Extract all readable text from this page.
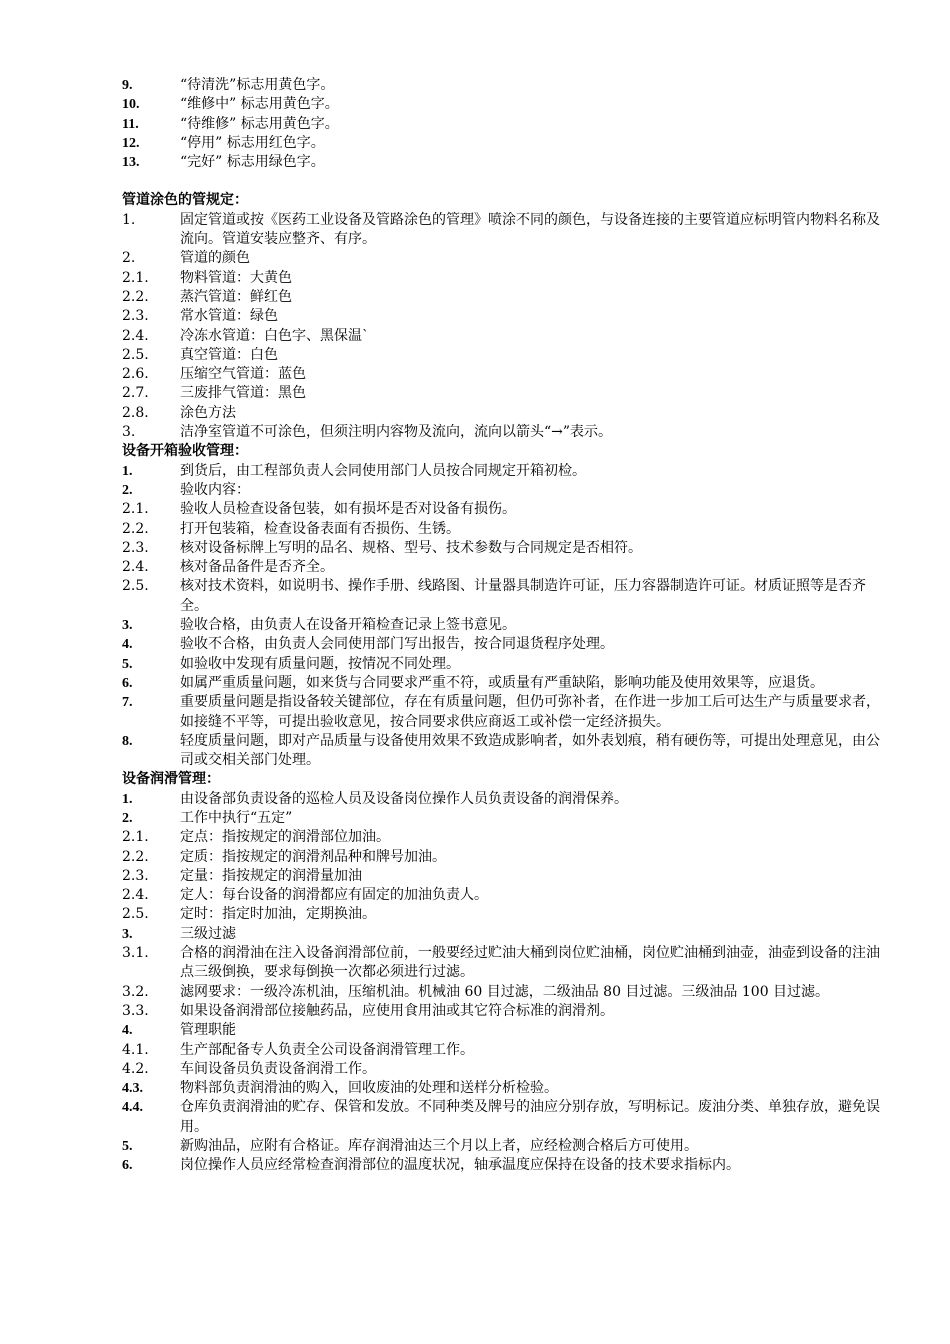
9.	“待清洗”标志用黄色字。
10.	“维修中” 标志用黄色字。
11.	“待维修” 标志用黄色字。
12.	“停用” 标志用红色字。
13.	“完好” 标志用绿色字。
管道涂色的管规定：
1.	固定管道或按《医药工业设备及管路涂色的管理》喷涂不同的颜色，与设备连接的主要管道应标明管内物料名称及流向。管道安装应整齐、有序。
2.	管道的颜色
2.1.	物料管道：大黄色
2.2.	蒸汽管道：鲜红色
2.3.	常水管道：绿色
2.4.	冷冻水管道：白色字、黑保温`
2.5.	真空管道：白色
2.6.	压缩空气管道：蓝色
2.7.	三废排气管道：黑色
2.8.	涂色方法
3.	洁净室管道不可涂色，但须注明内容物及流向，流向以箭头“→”表示。
设备开箱验收管理：
1.	到货后，由工程部负责人会同使用部门人员按合同规定开箱初检。
2.	验收内容：
2.1.	验收人员检查设备包装，如有损坏是否对设备有损伤。
2.2.	打开包装箱，检查设备表面有否损伤、生锈。
2.3.	核对设备标牌上写明的品名、规格、型号、技术参数与合同规定是否相符。
2.4.	核对备品备件是否齐全。
2.5.	核对技术资料，如说明书、操作手册、线路图、计量器具制造许可证，压力容器制造许可证。材质证照等是否齐全。
3.	验收合格，由负责人在设备开箱检查记录上签书意见。
4.	验收不合格，由负责人会同使用部门写出报告，按合同退货程序处理。
5.	如验收中发现有质量问题，按情况不同处理。
6.	如属严重质量问题，如来货与合同要求严重不符，或质量有严重缺陷，影响功能及使用效果等，应退货。
7.	重要质量问题是指设备较关键部位，存在有质量问题，但仍可弥补者，在作进一步加工后可达生产与质量要求者，如接缝不平等，可提出验收意见，按合同要求供应商返工或补偿一定经济损失。
8.	轻度质量问题，即对产品质量与设备使用效果不致造成影响者，如外表划痕，稍有硬伤等，可提出处理意见，由公司或交相关部门处理。
设备润滑管理：
1.	由设备部负责设备的巡检人员及设备岗位操作人员负责设备的润滑保养。
2.	工作中执行“五定”
2.1.	定点：指按规定的润滑部位加油。
2.2.	定质：指按规定的润滑剂品种和牌号加油。
2.3.	定量：指按规定的润滑量加油
2.4.	定人：每台设备的润滑都应有固定的加油负责人。
2.5.	定时：指定时加油，定期换油。
3.	三级过滤
3.1.	合格的润滑油在注入设备润滑部位前，一般要经过贮油大桶到岗位贮油桶，岗位贮油桶到油壶，油壶到设备的注油点三级倒换，要求每倒换一次都必须进行过滤。
3.2.	滤网要求：一级冷冻机油，压缩机油。机械油 60 目过滤，二级油品 80 目过滤。三级油品 100 目过滤。
3.3.	如果设备润滑部位接触药品，应使用食用油或其它符合标准的润滑剂。
4.	管理职能
4.1.	生产部配备专人负责全公司设备润滑管理工作。
4.2.	车间设备员负责设备润滑工作。
4.3.	物料部负责润滑油的购入，回收废油的处理和送样分析检验。
4.4.	仓库负责润滑油的贮存、保管和发放。不同种类及牌号的油应分别存放，写明标记。废油分类、单独存放，避免误用。
5.	新购油品，应附有合格证。库存润滑油达三个月以上者，应经检测合格后方可使用。
6.	岗位操作人员应经常检查润滑部位的温度状况，轴承温度应保持在设备的技术要求指标内。
